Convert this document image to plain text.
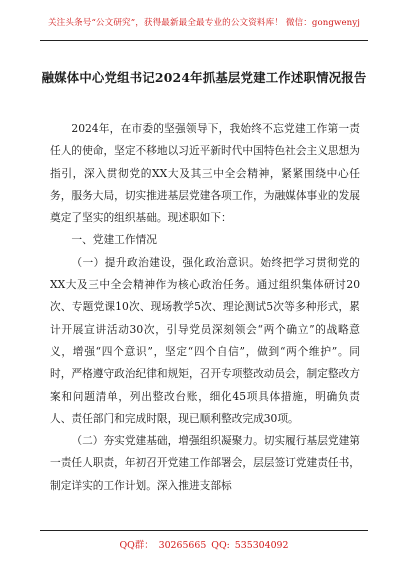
关注头条号“公文研究”，获得最新最全最专业的公文资料库！ 微信：gongwenyj
融媒体中心党组书记2024年抓基层党建工作述职情况报告

2024年，在市委的坚强领导下，我始终不忘党建工作第一责任人的使命，坚定不移地以习近平新时代中国特色社会主义思想为指引，深入贯彻党的XX大及其三中全会精神，紧紧围绕中心任务，服务大局，切实推进基层党建各项工作，为融媒体事业的发展奠定了坚实的组织基础。现述职如下：

一、党建工作情况

（一）提升政治建设，强化政治意识。始终把学习贯彻党的XX大及三中全会精神作为核心政治任务。通过组织集体研讨20次、专题党课10次、现场教学5次、理论测试5次等多种形式，累计开展宣讲活动30次，引导党员深刻领会“两个确立”的战略意义，增强“四个意识”，坚定“四个自信”，做到“两个维护”。同时，严格遵守政治纪律和规矩，召开专项整改动员会，制定整改方案和问题清单，列出整改台账，细化45项具体措施，明确负责人、责任部门和完成时限，现已顺利整改完成30项。

（二）夯实党建基础，增强组织凝聚力。切实履行基层党建第一责任人职责，年初召开党建工作部署会，层层签订党建责任书，制定详实的工作计划。深入推进支部标

QQ群： 30265665 QQ: 535304092
